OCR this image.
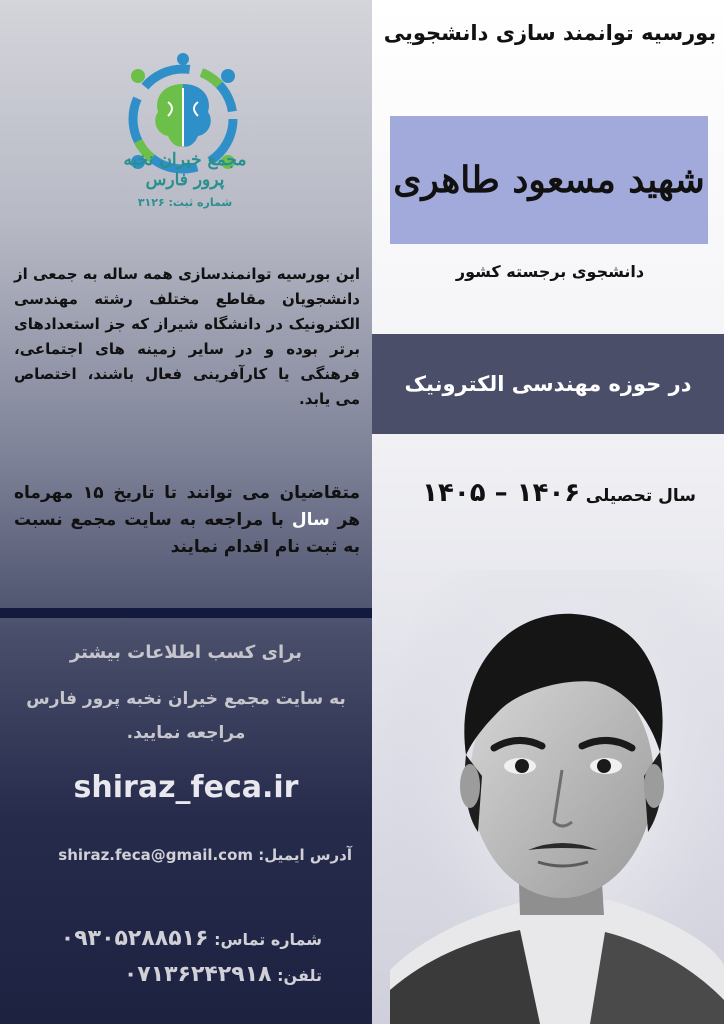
مجمع خیران نخبه پرور فارس
شماره ثبت: ۳۱۲۶
این بورسیه توانمندسازی همه ساله به جمعی از دانشجویان مقاطع مختلف رشته مهندسی الکترونیک در دانشگاه شیراز که جز استعدادهای برتر بوده و در سایر زمینه های اجتماعی، فرهنگی یا کارآفرینی فعال باشند، اختصاص می یابد.
متقاضیان می توانند تا تاریخ ۱۵ مهرماه هر سال با مراجعه به سایت مجمع نسبت به ثبت نام اقدام نمایند
برای کسب اطلاعات بیشتر
به سایت مجمع خیران نخبه پرور فارس مراجعه نمایید.
shiraz_feca.ir
آدرس ایمیل: shiraz.feca@gmail.com
شماره تماس: ۰۹۳۰۵۲۸۸۵۱۶
تلفن: ۰۷۱۳۶۲۴۲۹۱۸
بورسیه توانمند سازی دانشجویی
شهید مسعود طاهری
دانشجوی برجسته کشور
در حوزه مهندسی الکترونیک
سال تحصیلی ۱۴۰۶ – ۱۴۰۵
